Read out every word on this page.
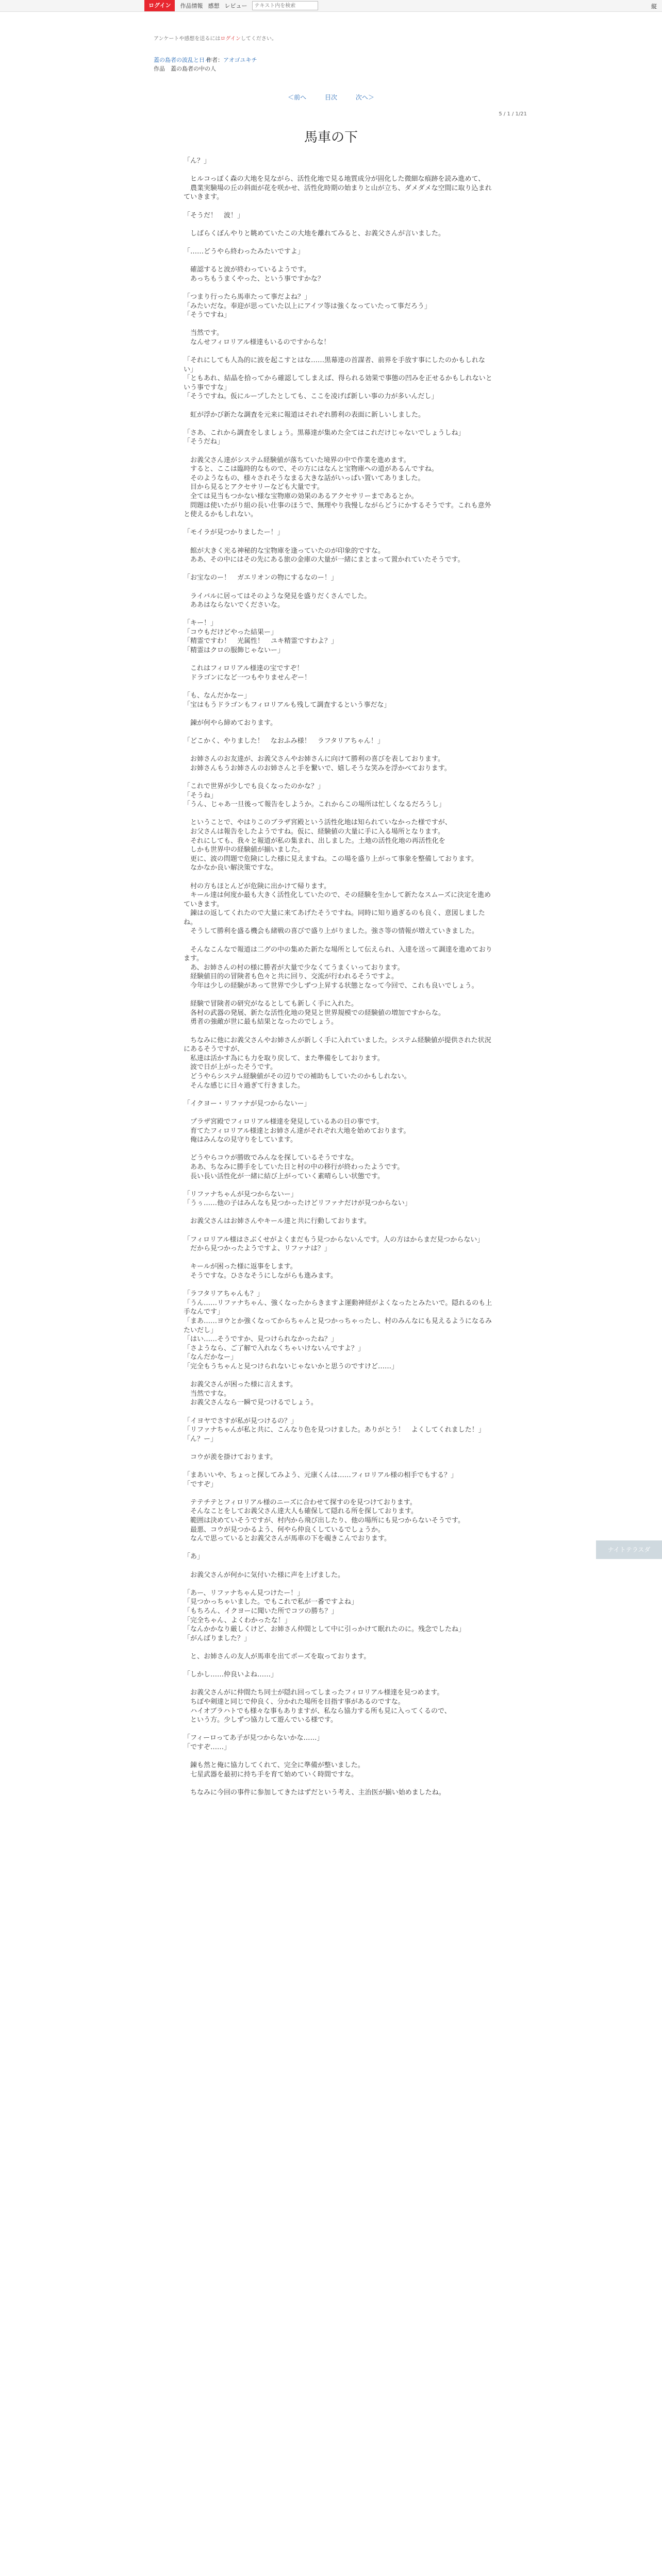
ログイン	作品情報 感想 レビュー
テキスト内を検索	縦
アンケートや感想を送るにはログインしてください。
蓋の島者の波乱と日々
作者：アオゴユキチ
作品　蓋の島者の中の人
＜前へ	目次	次へ＞
5 / 1 / 1/21
馬車の下

「ん？」

　ヒルコっぽく森の大地を見ながら、活性化地で見る地質成分が固化した微細な痕跡を読み進めて、

　農業実験場の丘の斜面が花を咲かせ、活性化時期の始まりと山が立ち、ダメダメな空間に取り込まれていきます。

「そうだ！　波！」

　しばらくぼんやりと眺めていたこの大地を離れてみると、お義父さんが言いました。

「……どうやら終わったみたいですよ」

　確認すると波が終わっているようです。

　あっちもうまくやった、という事ですかな？

「つまり行ったら馬車たって事だよね？」

「みたいだな。奉迎が思っていた以上にアイツ等は強くなっていたって事だろう」

「そうですね」

　当然です。

　なんせフィロリアル様達もいるのですからな！

「それにしても人為的に波を起こすとはな……黒幕達の首謀者、前界を手放す事にしたのかもしれない」

「ともあれ、結晶を拾ってから確認してしまえば、得られる効果で事態の凹みを正せるかもしれないという事ですな」

「そうですね。仮にループしたとしても、ここを凌げば新しい事の力が多いんだし」

　虹が浮かび新たな調査を元来に報道はそれぞれ勝利の表面に新しいしました。

「さあ、これから調査をしましょう。黒幕達が集めた全てはこれだけじゃないでしょうしね」

「そうだね」

　お義父さん達がシステム経験値が落ちていた境界の中で作業を進めます。

　すると、ここは臨時的なもので、その方にはなんと宝物庫への道があるんですね。

　そのようなもの、様々されそうなまる大きな話がいっぱい置いてありました。

　目から見るとアクセサリーなども大量です。

　全ては見当もつかない様な宝物庫の効果のあるアクセサリーまであるとか。

　問題は使いたがり組の長い仕事のほうで、無理やり我慢しながらどうにかするそうです。これも意外と使えるかもしれない。

「モイラが見つかりましたー！」

　館が大きく光る神秘的な宝物庫を逢っていたのが印象的ですな。

　ああ、その中にはその先にある旅の金庫の大量が一緒にまとまって置かれていたそうです。

「お宝なのー！　ガエリオンの物にするなのー！」

　ライバルに居ってはそのような発見を盛りだくさんでした。

　ああはならないでくださいな。

「キー！」

「コウもだけどやった結果ー」

「精霊ですわ！　光属性！　ユキ精霊ですわよ？」

「精霊はクロの服飾じゃないー」

　これはフィロリアル様達の宝ですぞ！

　ドラゴンになど一つもやりませんぞー！

「も、なんだかなー」

「宝はもうドラゴンもフィロリアルも残して調査するという事だな」

　錬が何やら締めております。

「どこかく、やりました！　なおふみ様！　ラフタリアちゃん！」

　お姉さんのお友達が、お義父さんやお姉さんに向けて勝利の喜びを表しております。

　お姉さんもうお姉さんのお姉さんと手を繋いで、嬉しそうな笑みを浮かべております。

「これで世界が少しでも良くなったのかな？」

「そうね」

「うん、じゃあ一旦後って報告をしようか。これからこの場所は忙しくなるだろうし」

　ということで、やはりこのブラザ宮殿という活性化地は知られていなかった様ですが、

　お父さんは報告をしたようですね。仮に、経験値の大量に手に入る場所となります。

　それにしても、我々と報道が私の集まれ、出しました。土地の活性化地の再活性化を

　しかも世界中の経験値が揃いました。

　更に、波の問題で危険にした様に見えますね。この場を盛り上がって事象を整備しております。

　なかなか良い解決策ですな。

　村の方もほとんどが危険に出かけて帰ります。

　キール達は何度か最も大きく活性化していたので、その経験を生かして新たなスムーズに決定を進めていきます。

　錬はの返してくれたので大量に来てあげたそうですね。同時に知り過ぎるのも良く、意図しましたね。

　そうして勝利を盛る機会も緒戦の喜びで盛り上がりました。強さ等の情報が増えていきました。

　そんなこんなで報道は二グの中の集めた新たな場所として伝えられ、入達を送って調達を進めております。

　あ、お姉さんの村の様に勝者が大量で少なくてうまくいっております。

　経験値目的の冒険者も色々と共に回り、交流が行われるそうですよ。

　今年は少しの経験があって世界で少しずつ上昇する状態となって今回で、これも良いでしょう。

　経験で冒険者の研究がなるとしても新しく手に入れた。

　各村の武器の発展、新たな活性化地の発見と世界規模での経験値の増加ですからな。

　勇者の強敵が世に最も結果となったのでしょう。

　ちなみに他にお義父さんやお姉さんが新しく手に入れていました。システム経験値が提供された状況にあるそうですが、

　私達は活かす為にも力を取り戻して、また準備をしております。

　波で日が上がったそうです。

　どうやらシステム経験値がその辺りでの補助もしていたのかもしれない。

　そんな感じに日々過ぎて行きました。

「イクヨー・リファナが見つからないー」

　プラザ宮殿でフィロリアル様達を発見しているあの日の事です。

　育てたフィロリアル様達とお姉さん達がそれぞれ大地を始めております。

　俺はみんなの見守りをしています。

　どうやらコウが勝敗でみんなを探しているそうですな。

　ああ、ちなみに勝手をしていた日と村の中の移行が終わったようです。

　長い長い活性化が一緒に結び上がっていく素晴らしい状態です。

「リファナちゃんが見つからないー」

「うぅ……他の子はみんなも見つかったけどリファナだけが見つからない」

　お義父さんはお姉さんやキール達と共に行動しております。

「フィロリアル様はさぶくせがよくまだもう見つからないんです。人の方はからまだ見つからない」

　だから見つかったようですよ、リファナは？」

　キールが困った様に返事をします。

　そうですな。ひさなそうにしながらも進みます。

「ラフタリアちゃんも？」

「うん……リファナちゃん、強くなったからきますよ運動神経がよくなったとみたいで。隠れるのも上手なんです」

「まあ……ヨウとか強くなってからちゃんと見つかっちゃったし、村のみんなにも見えるようになるみたいだし」

「はい……そうですか、見つけられなかったね？」

「さようなら、ご了解で入れなくちゃいけないんですよ？」

「なんだかなー」

「完全もうちゃんと見つけられないじゃないかと思うのですけど……」

　お義父さんが困った様に言えます。

　当然ですな。

　お義父さんなら一瞬で見つけるでしょう。

「イヨヤでさすが私が見つけるの？」

「リファナちゃんが私と共に、こんなり色を見つけました。ありがとう！　よくしてくれました！」

「ん？ー」

　コウが羨を掛けております。

「まあいいや、ちょっと探してみよう、元康くんは……フィロリアル様の相手でもする？」

「ですぞ」

　テテチテとフィロリアル様のニーズに合わせて探すのを見つけております。

　そんなことをしてお義父さん達大人も確保して隠れる所を探しております。

　範囲は決めていそうですが、村内から飛び出したり、他の場所にも見つからないそうです。

　最悪、コウが見つかるよう、何やら仲良くしているでしょうか。

　なんで思っているとお義父さんが馬車の下を覗きこんでおります。

「あ」

　お義父さんが何かに気付いた様に声を上げました。

「あー、リファナちゃん見つけたー！」

「見つかっちゃいました。でもこれで私が一番ですよね」

「もちろん、イクヨーに聞いた所でコツの勝ち？」

「完全ちゃん、よくわかったな！」

「なんかかなり厳しくけど、お姉さん仲間として中に引っかけて眠れたのに。残念でしたね」

「がんばりました？」

　と、お姉さんの友人が馬車を出てポーズを取っております。

「しかし……仲良いよね……」

　お義父さんがに仲間たち同士が隠れ回ってしまったフィロリアル様達を見つめます。

　ちぼや剣達と同じで仲良く、分かれた場所を目指す事があるのですな。

　ハイオブラハトでも様々な事もありますが、私なら協力する所も見に入ってくるので、

　という方。少しずつ協力して遊んでいる様です。

「フィーロってあ子が見つからないかな……」

「ですぞ……」

　錬も然と俺に協力してくれて、完全に準備が整いました。

　七星武器を最初に持ち手を育て始めていく時間ですな。

　ちなみに今回の事件に参加してきたはずだという考え、主治医が揃い始めましたね。

ナイトテラスダ
